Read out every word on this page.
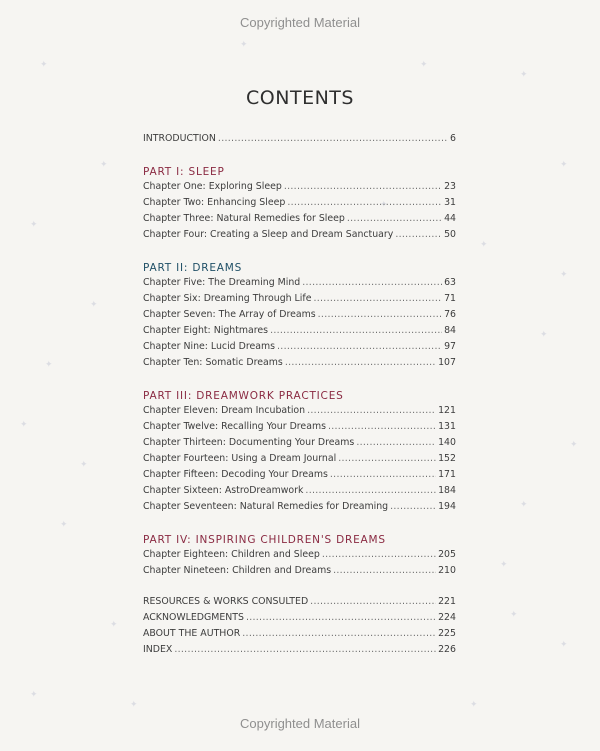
✦
✦
✦
✦
✦
✦
✦
✦
✦
✦
✦
✦
✦
✦
✦
✦
✦
✦
✦
✦
✦
✦
✦
✦
✦
Copyrighted Material
CONTENTS
INTRODUCTION .....	6
PART I: SLEEP
Chapter One: Exploring Sleep .....	23
Chapter Two: Enhancing Sleep .....	31
Chapter Three: Natural Remedies for Sleep .....	44
Chapter Four: Creating a Sleep and Dream Sanctuary .....	50
PART II: DREAMS
Chapter Five: The Dreaming Mind .....	63
Chapter Six: Dreaming Through Life .....	71
Chapter Seven: The Array of Dreams .....	76
Chapter Eight: Nightmares .....	84
Chapter Nine: Lucid Dreams .....	97
Chapter Ten: Somatic Dreams .....	107
PART III: DREAMWORK PRACTICES
Chapter Eleven: Dream Incubation .....	121
Chapter Twelve: Recalling Your Dreams .....	131
Chapter Thirteen: Documenting Your Dreams .....	140
Chapter Fourteen: Using a Dream Journal .....	152
Chapter Fifteen: Decoding Your Dreams .....	171
Chapter Sixteen: AstroDreamwork .....	184
Chapter Seventeen: Natural Remedies for Dreaming .....	194
PART IV: INSPIRING CHILDREN'S DREAMS
Chapter Eighteen: Children and Sleep .....	205
Chapter Nineteen: Children and Dreams .....	210
RESOURCES & WORKS CONSULTED .....	221
ACKNOWLEDGMENTS .....	224
ABOUT THE AUTHOR .....	225
INDEX .....	226
Copyrighted Material
